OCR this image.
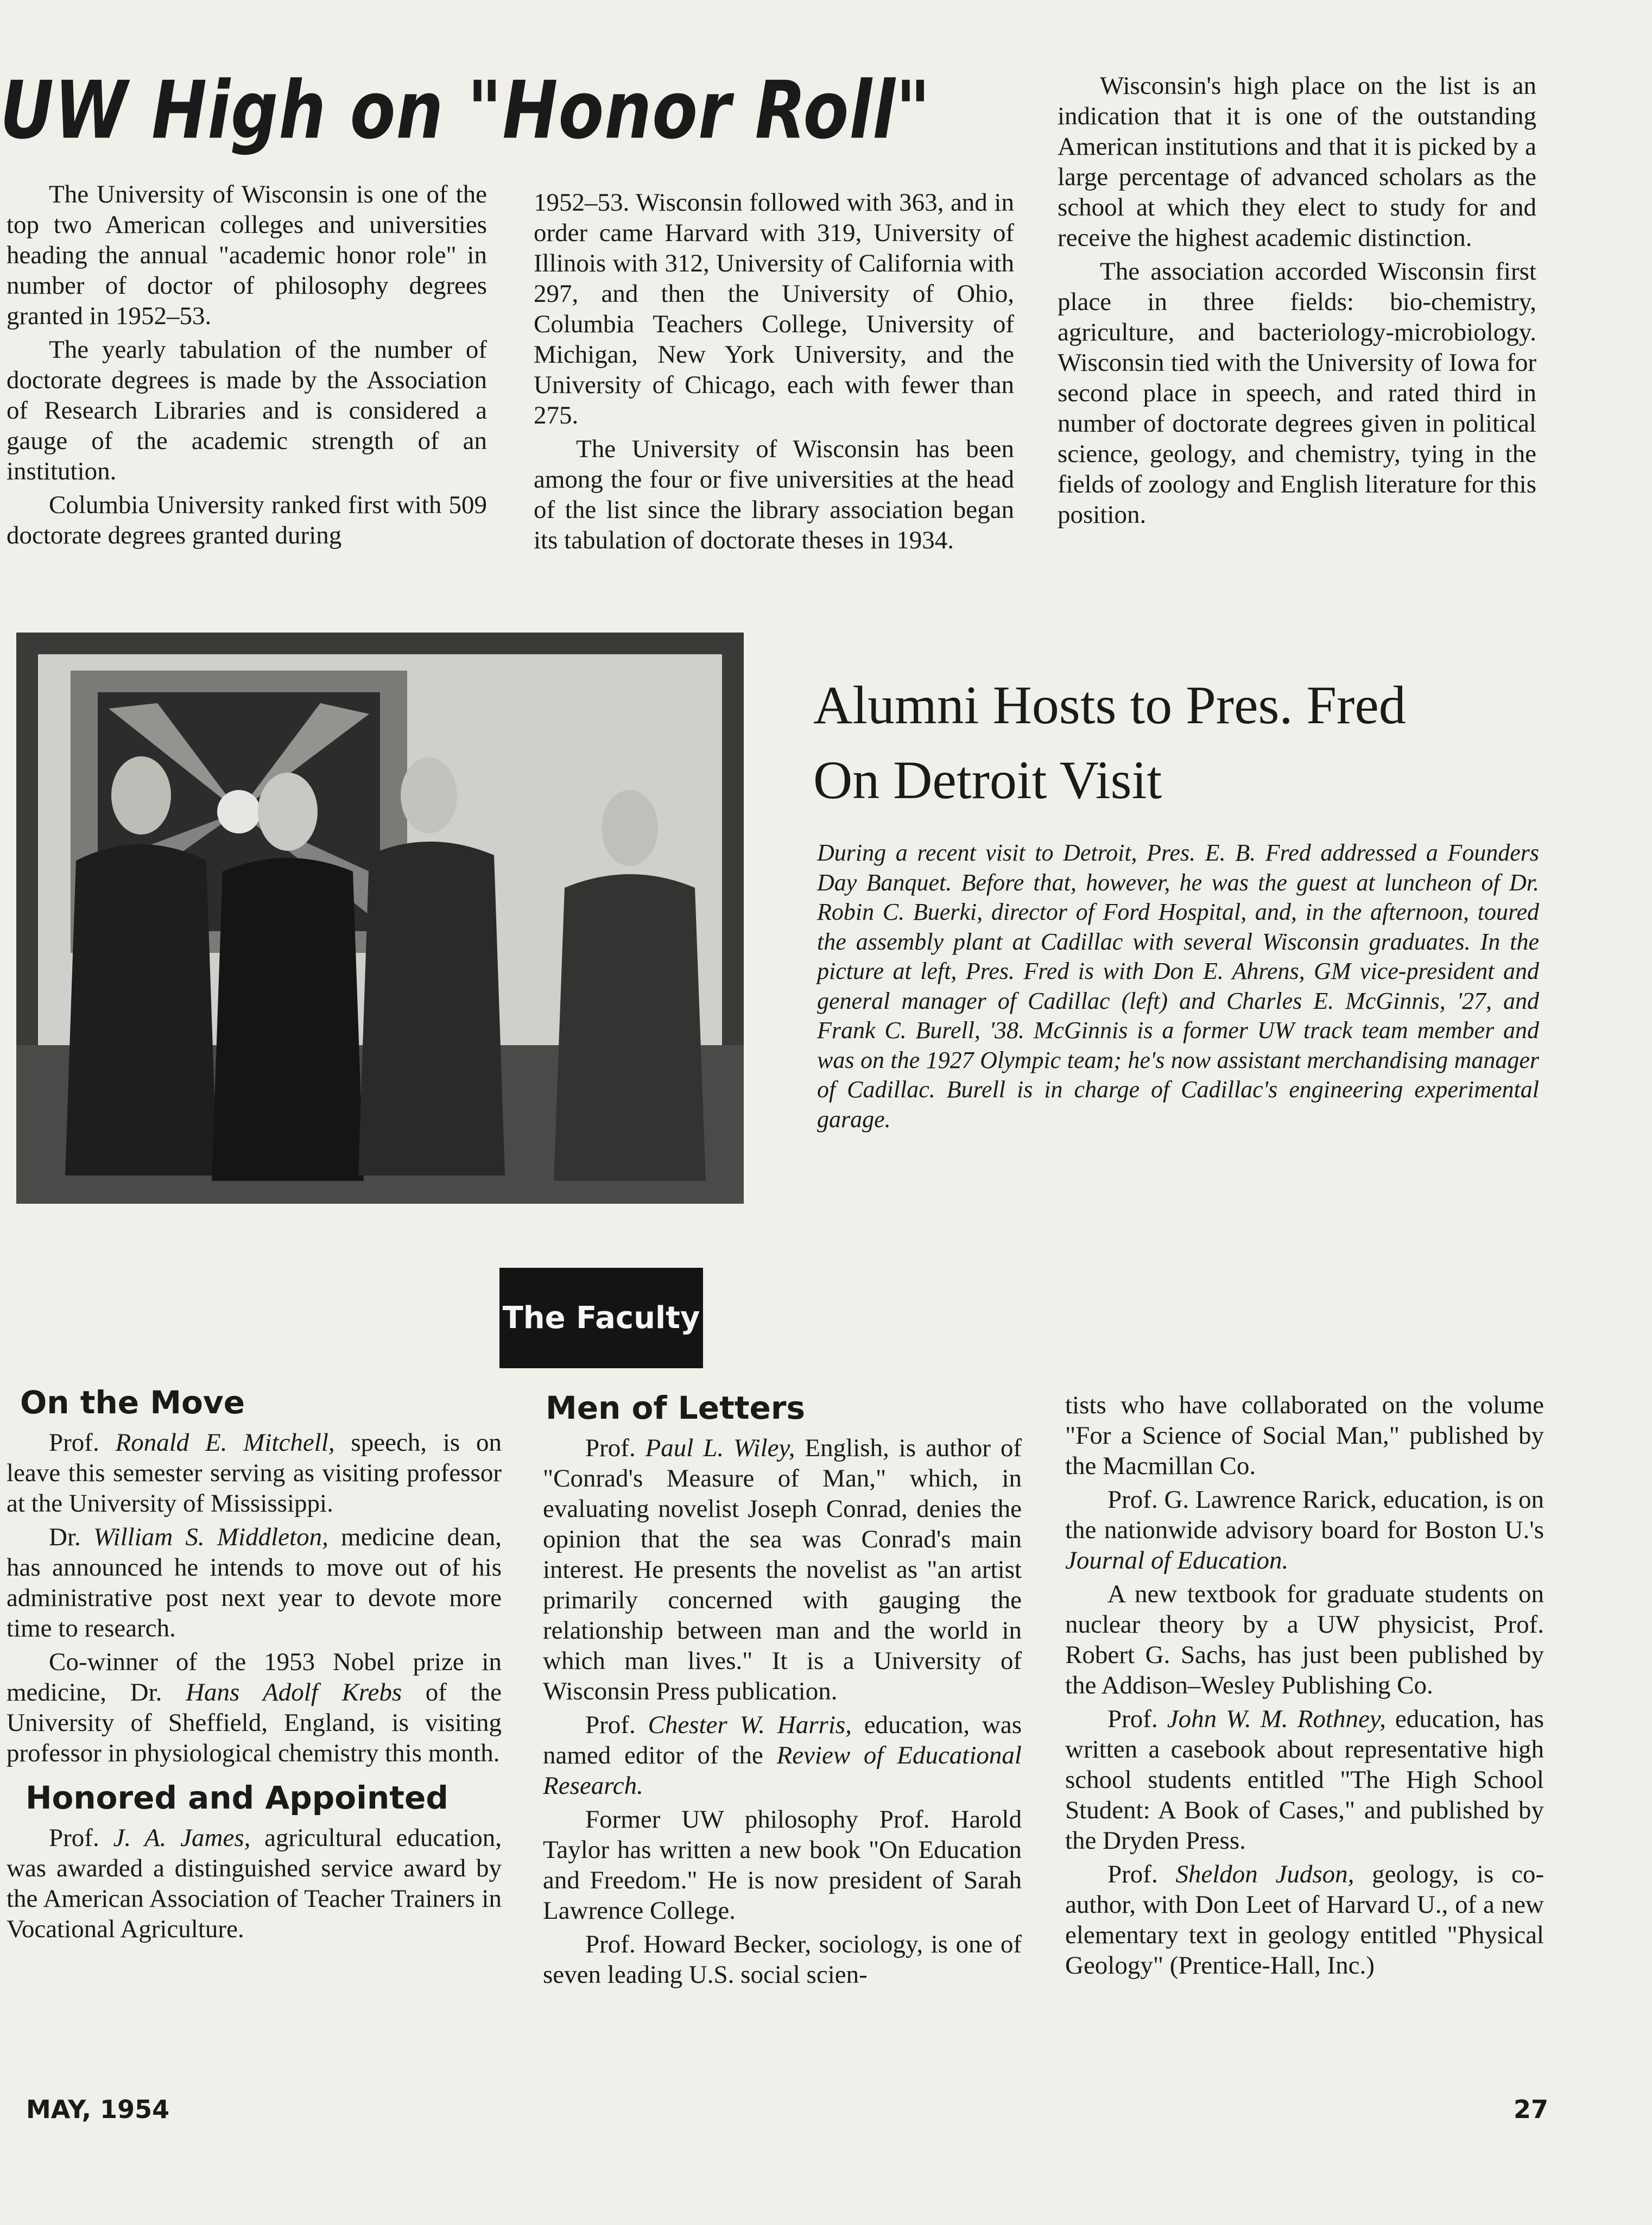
UW High on "Honor Roll"

The University of Wisconsin is one of the top two American colleges and universities heading the annual "academic honor role" in number of doctor of philosophy degrees granted in 1952–53.

The yearly tabulation of the number of doctorate degrees is made by the Association of Research Libraries and is considered a gauge of the academic strength of an institution.

Columbia University ranked first with 509 doctorate degrees granted during

1952–53. Wisconsin followed with 363, and in order came Harvard with 319, University of Illinois with 312, University of California with 297, and then the University of Ohio, Columbia Teachers College, University of Michigan, New York University, and the University of Chicago, each with fewer than 275.

The University of Wisconsin has been among the four or five universities at the head of the list since the library association began its tabulation of doctorate theses in 1934.

Wisconsin's high place on the list is an indication that it is one of the outstanding American institutions and that it is picked by a large percentage of advanced scholars as the school at which they elect to study for and receive the highest academic distinction.

The association accorded Wisconsin first place in three fields: bio-chemistry, agriculture, and bacteriology-microbiology. Wisconsin tied with the University of Iowa for second place in speech, and rated third in number of doctorate degrees given in political science, geology, and chemistry, tying in the fields of zoology and English literature for this position.

Alumni Hosts to Pres. Fred
On Detroit Visit
During a recent visit to Detroit, Pres. E. B. Fred addressed a Founders Day Banquet. Before that, however, he was the guest at luncheon of Dr. Robin C. Buerki, director of Ford Hospital, and, in the afternoon, toured the assembly plant at Cadillac with several Wisconsin graduates. In the picture at left, Pres. Fred is with Don E. Ahrens, GM vice-president and general manager of Cadillac (left) and Charles E. McGinnis, '27, and Frank C. Burell, '38. McGinnis is a former UW track team member and was on the 1927 Olympic team; he's now assistant merchandising manager of Cadillac. Burell is in charge of Cadillac's engineering experimental garage.
The Faculty
On the Move

Prof. Ronald E. Mitchell, speech, is on leave this semester serving as visiting professor at the University of Mississippi.

Dr. William S. Middleton, medicine dean, has announced he intends to move out of his administrative post next year to devote more time to research.

Co-winner of the 1953 Nobel prize in medicine, Dr. Hans Adolf Krebs of the University of Sheffield, England, is visiting professor in physiological chemistry this month.

Honored and Appointed

Prof. J. A. James, agricultural education, was awarded a distinguished service award by the American Association of Teacher Trainers in Vocational Agriculture.

Men of Letters

Prof. Paul L. Wiley, English, is author of "Conrad's Measure of Man," which, in evaluating novelist Joseph Conrad, denies the opinion that the sea was Conrad's main interest. He presents the novelist as "an artist primarily concerned with gauging the relationship between man and the world in which man lives." It is a University of Wisconsin Press publication.

Prof. Chester W. Harris, education, was named editor of the Review of Educational Research.

Former UW philosophy Prof. Harold Taylor has written a new book "On Education and Freedom." He is now president of Sarah Lawrence College.

Prof. Howard Becker, sociology, is one of seven leading U.S. social scien-

tists who have collaborated on the volume "For a Science of Social Man," published by the Macmillan Co.

Prof. G. Lawrence Rarick, education, is on the nationwide advisory board for Boston U.'s Journal of Education.

A new textbook for graduate students on nuclear theory by a UW physicist, Prof. Robert G. Sachs, has just been published by the Addison–Wesley Publishing Co.

Prof. John W. M. Rothney, education, has written a casebook about representative high school students entitled "The High School Student: A Book of Cases," and published by the Dryden Press.

Prof. Sheldon Judson, geology, is co-author, with Don Leet of Harvard U., of a new elementary text in geology entitled "Physical Geology" (Prentice-Hall, Inc.)

MAY, 1954	27
